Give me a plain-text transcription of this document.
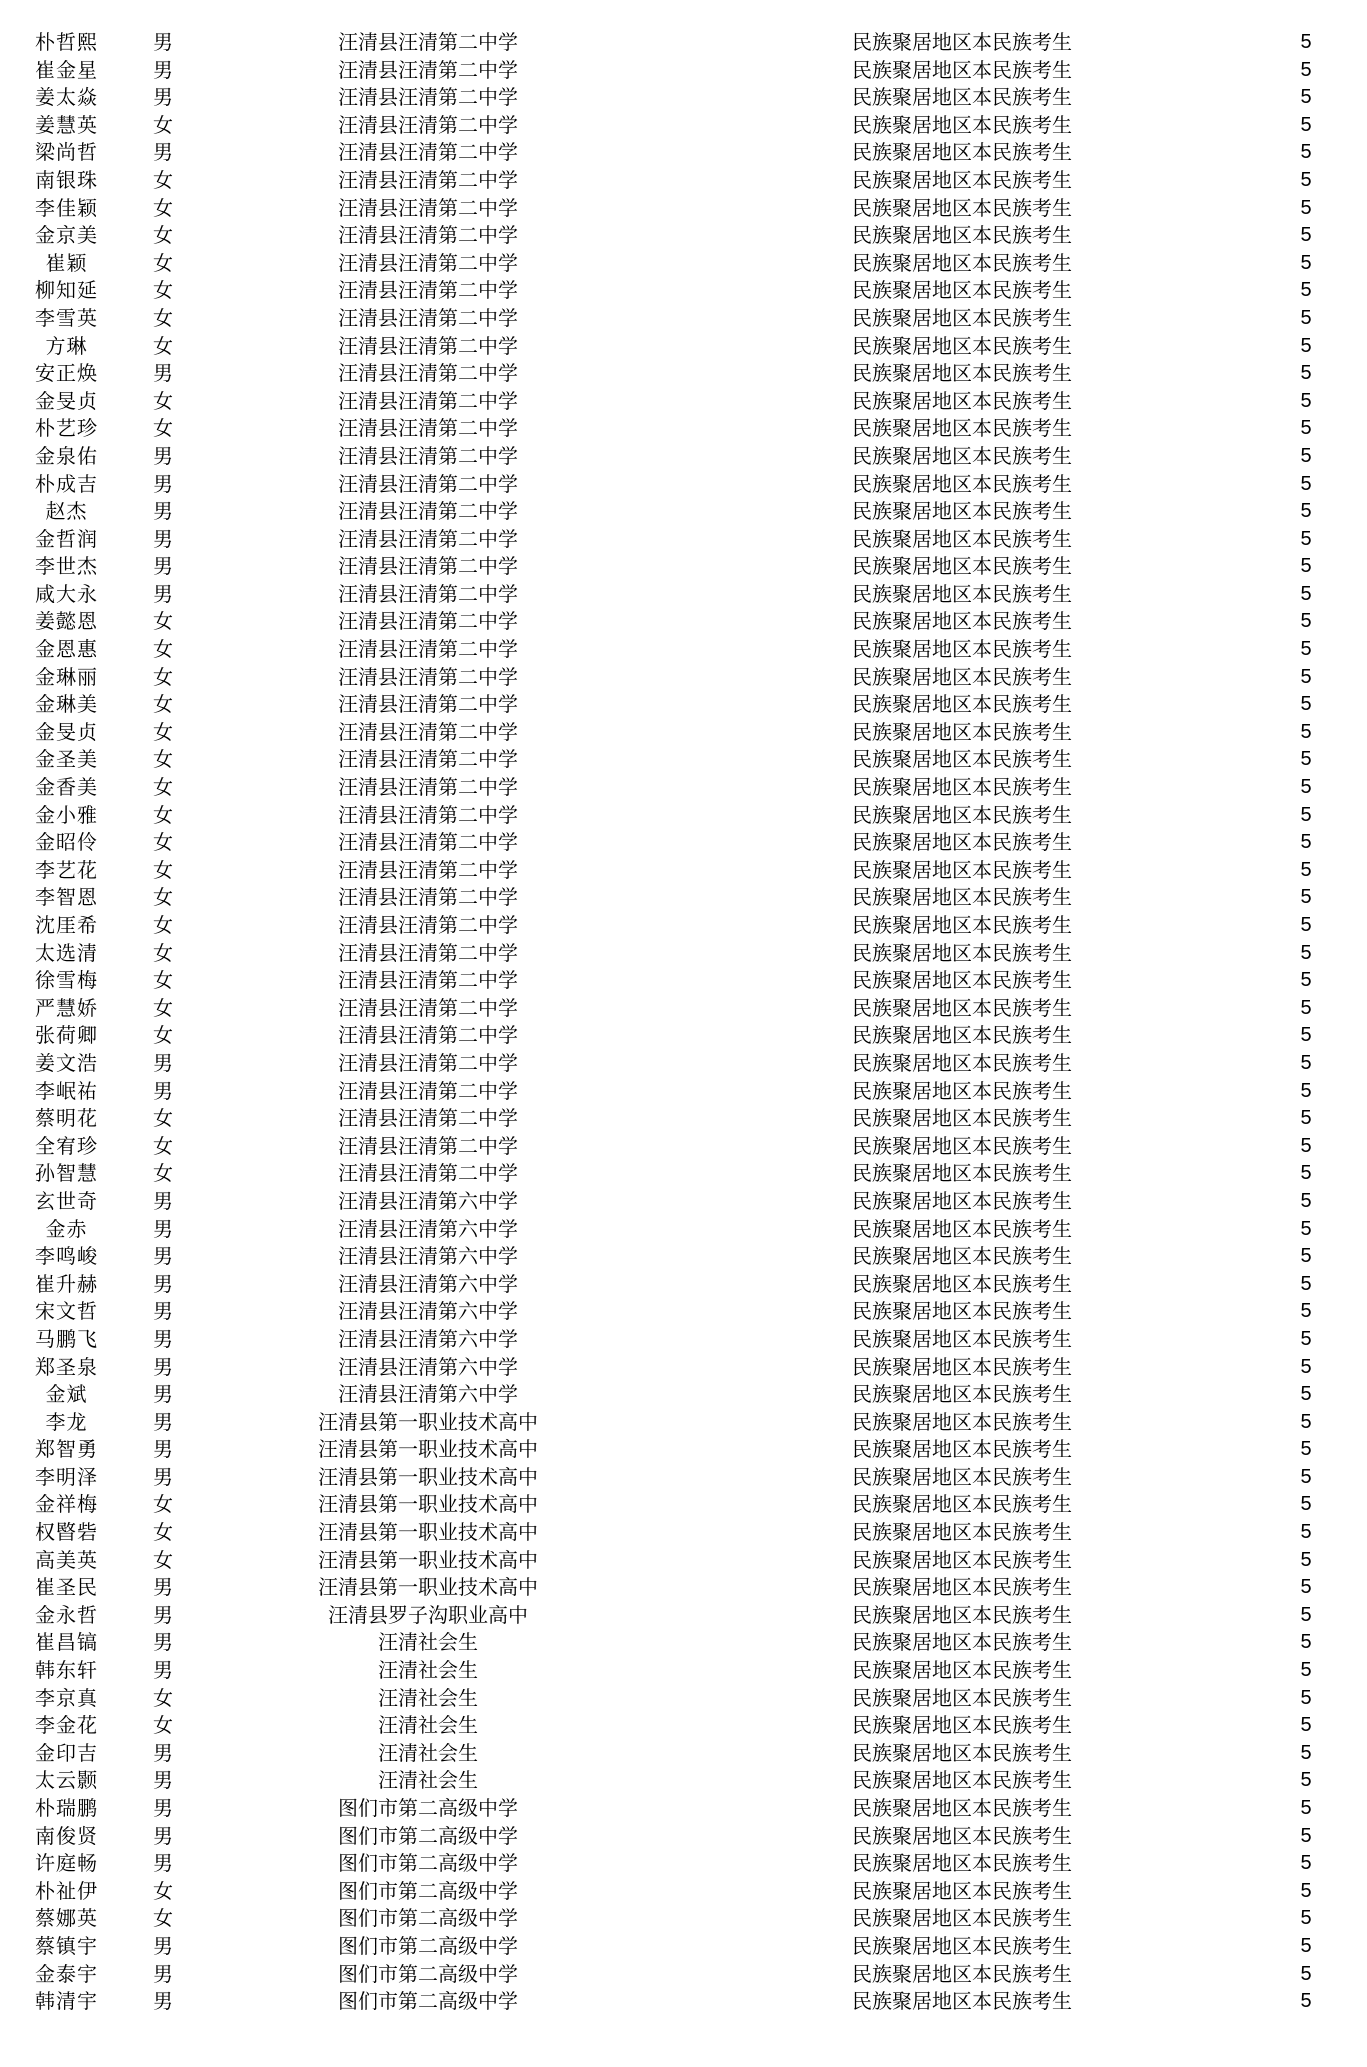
朴哲熙	男	汪清县汪清第二中学	民族聚居地区本民族考生	5
崔金星	男	汪清县汪清第二中学	民族聚居地区本民族考生	5
姜太焱	男	汪清县汪清第二中学	民族聚居地区本民族考生	5
姜慧英	女	汪清县汪清第二中学	民族聚居地区本民族考生	5
梁尚哲	男	汪清县汪清第二中学	民族聚居地区本民族考生	5
南银珠	女	汪清县汪清第二中学	民族聚居地区本民族考生	5
李佳颖	女	汪清县汪清第二中学	民族聚居地区本民族考生	5
金京美	女	汪清县汪清第二中学	民族聚居地区本民族考生	5
崔颖	女	汪清县汪清第二中学	民族聚居地区本民族考生	5
柳知延	女	汪清县汪清第二中学	民族聚居地区本民族考生	5
李雪英	女	汪清县汪清第二中学	民族聚居地区本民族考生	5
方琳	女	汪清县汪清第二中学	民族聚居地区本民族考生	5
安正焕	男	汪清县汪清第二中学	民族聚居地区本民族考生	5
金旻贞	女	汪清县汪清第二中学	民族聚居地区本民族考生	5
朴艺珍	女	汪清县汪清第二中学	民族聚居地区本民族考生	5
金泉佑	男	汪清县汪清第二中学	民族聚居地区本民族考生	5
朴成吉	男	汪清县汪清第二中学	民族聚居地区本民族考生	5
赵杰	男	汪清县汪清第二中学	民族聚居地区本民族考生	5
金哲润	男	汪清县汪清第二中学	民族聚居地区本民族考生	5
李世杰	男	汪清县汪清第二中学	民族聚居地区本民族考生	5
咸大永	男	汪清县汪清第二中学	民族聚居地区本民族考生	5
姜懿恩	女	汪清县汪清第二中学	民族聚居地区本民族考生	5
金恩惠	女	汪清县汪清第二中学	民族聚居地区本民族考生	5
金琳丽	女	汪清县汪清第二中学	民族聚居地区本民族考生	5
金琳美	女	汪清县汪清第二中学	民族聚居地区本民族考生	5
金旻贞	女	汪清县汪清第二中学	民族聚居地区本民族考生	5
金圣美	女	汪清县汪清第二中学	民族聚居地区本民族考生	5
金香美	女	汪清县汪清第二中学	民族聚居地区本民族考生	5
金小雅	女	汪清县汪清第二中学	民族聚居地区本民族考生	5
金昭伶	女	汪清县汪清第二中学	民族聚居地区本民族考生	5
李艺花	女	汪清县汪清第二中学	民族聚居地区本民族考生	5
李智恩	女	汪清县汪清第二中学	民族聚居地区本民族考生	5
沈厓希	女	汪清县汪清第二中学	民族聚居地区本民族考生	5
太选清	女	汪清县汪清第二中学	民族聚居地区本民族考生	5
徐雪梅	女	汪清县汪清第二中学	民族聚居地区本民族考生	5
严慧娇	女	汪清县汪清第二中学	民族聚居地区本民族考生	5
张荷卿	女	汪清县汪清第二中学	民族聚居地区本民族考生	5
姜文浩	男	汪清县汪清第二中学	民族聚居地区本民族考生	5
李岷祐	男	汪清县汪清第二中学	民族聚居地区本民族考生	5
蔡明花	女	汪清县汪清第二中学	民族聚居地区本民族考生	5
全宥珍	女	汪清县汪清第二中学	民族聚居地区本民族考生	5
孙智慧	女	汪清县汪清第二中学	民族聚居地区本民族考生	5
玄世奇	男	汪清县汪清第六中学	民族聚居地区本民族考生	5
金赤	男	汪清县汪清第六中学	民族聚居地区本民族考生	5
李鸣峻	男	汪清县汪清第六中学	民族聚居地区本民族考生	5
崔升赫	男	汪清县汪清第六中学	民族聚居地区本民族考生	5
宋文哲	男	汪清县汪清第六中学	民族聚居地区本民族考生	5
马鹏飞	男	汪清县汪清第六中学	民族聚居地区本民族考生	5
郑圣泉	男	汪清县汪清第六中学	民族聚居地区本民族考生	5
金斌	男	汪清县汪清第六中学	民族聚居地区本民族考生	5
李龙	男	汪清县第一职业技术高中	民族聚居地区本民族考生	5
郑智勇	男	汪清县第一职业技术高中	民族聚居地区本民族考生	5
李明泽	男	汪清县第一职业技术高中	民族聚居地区本民族考生	5
金祥梅	女	汪清县第一职业技术高中	民族聚居地区本民族考生	5
权暋砦	女	汪清县第一职业技术高中	民族聚居地区本民族考生	5
高美英	女	汪清县第一职业技术高中	民族聚居地区本民族考生	5
崔圣民	男	汪清县第一职业技术高中	民族聚居地区本民族考生	5
金永哲	男	汪清县罗子沟职业高中	民族聚居地区本民族考生	5
崔昌镐	男	汪清社会生	民族聚居地区本民族考生	5
韩东轩	男	汪清社会生	民族聚居地区本民族考生	5
李京真	女	汪清社会生	民族聚居地区本民族考生	5
李金花	女	汪清社会生	民族聚居地区本民族考生	5
金印吉	男	汪清社会生	民族聚居地区本民族考生	5
太云颢	男	汪清社会生	民族聚居地区本民族考生	5
朴瑞鹏	男	图们市第二高级中学	民族聚居地区本民族考生	5
南俊贤	男	图们市第二高级中学	民族聚居地区本民族考生	5
许庭畅	男	图们市第二高级中学	民族聚居地区本民族考生	5
朴祉伊	女	图们市第二高级中学	民族聚居地区本民族考生	5
蔡娜英	女	图们市第二高级中学	民族聚居地区本民族考生	5
蔡镇宇	男	图们市第二高级中学	民族聚居地区本民族考生	5
金泰宇	男	图们市第二高级中学	民族聚居地区本民族考生	5
韩清宇	男	图们市第二高级中学	民族聚居地区本民族考生	5
